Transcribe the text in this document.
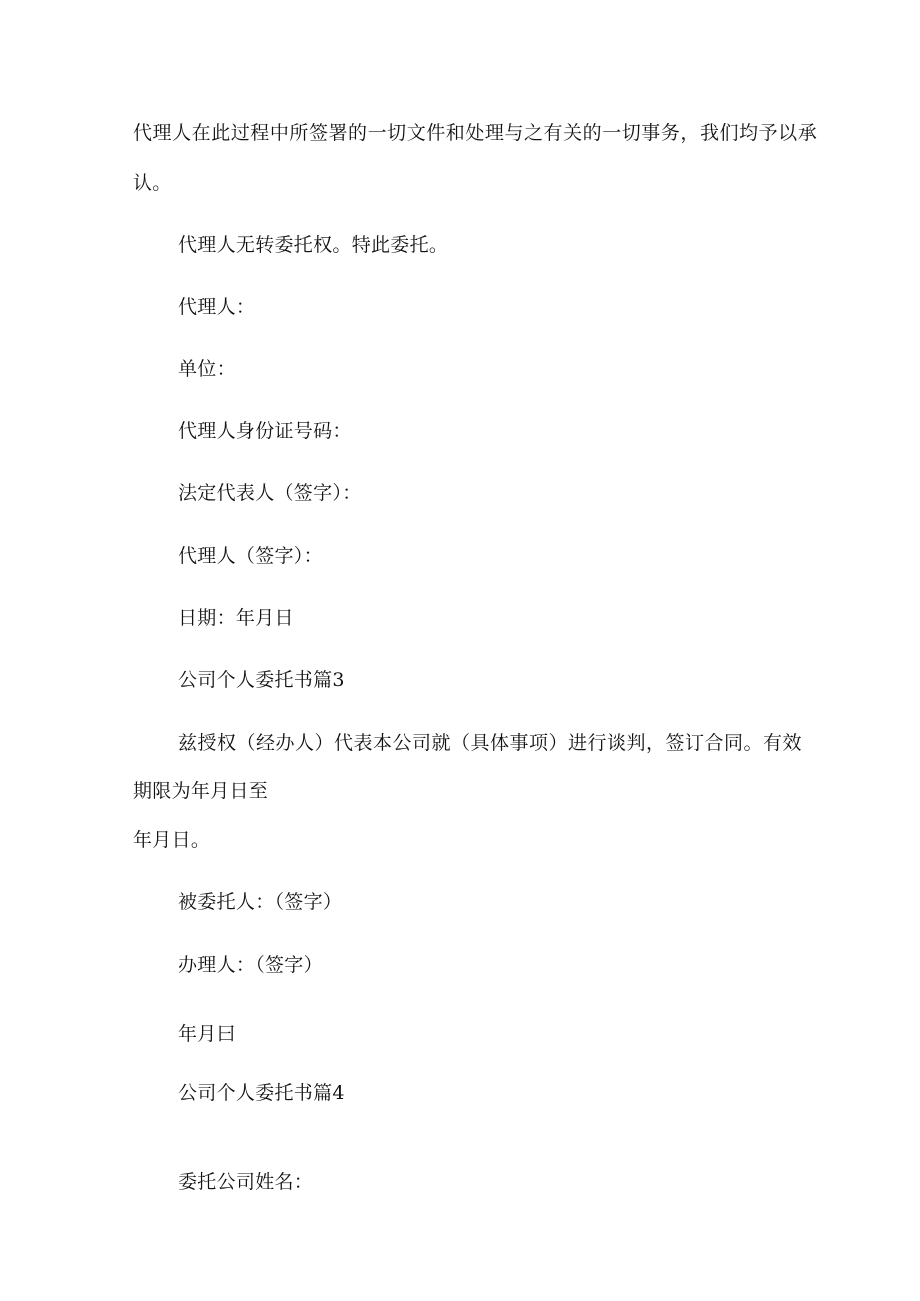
代理人在此过程中所签署的一切文件和处理与之有关的一切事务，我们均予以承
认。
代理人无转委托权。特此委托。
代理人：
单位：
代理人身份证号码：
法定代表人（签字）：
代理人（签字）：
日期：年月日
公司个人委托书篇3
兹授权（经办人）代表本公司就（具体事项）进行谈判，签订合同。有效
期限为年月日至
年月日。
被委托人：（签字）
办理人：（签字）
年月曰
公司个人委托书篇4
委托公司姓名：
